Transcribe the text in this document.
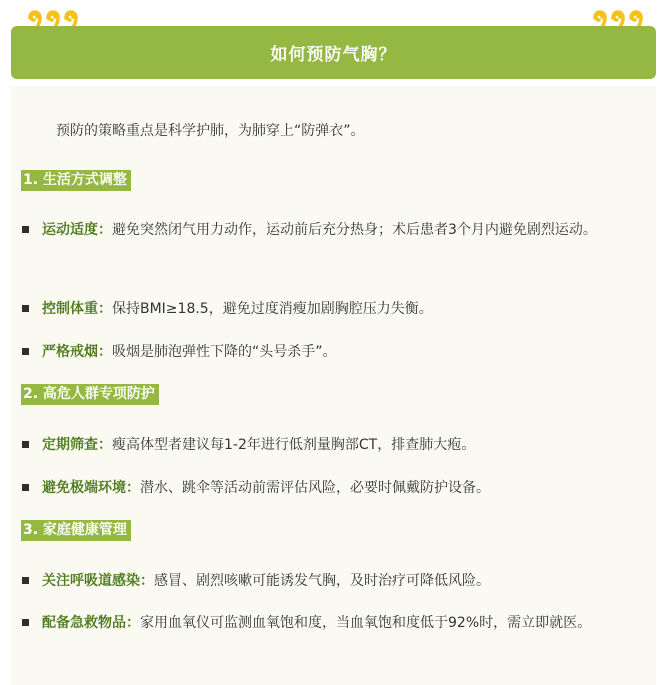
如何预防气胸？
预防的策略重点是科学护肺，为肺穿上“防弹衣”。
1. 生活方式调整
运动适度：避免突然闭气用力动作，运动前后充分热身；术后患者3个月内避免剧烈运动。
控制体重：保持BMI≥18.5，避免过度消瘦加剧胸腔压力失衡。
严格戒烟：吸烟是肺泡弹性下降的“头号杀手”。
2. 高危人群专项防护
定期筛查：瘦高体型者建议每1-2年进行低剂量胸部CT，排查肺大疱。
避免极端环境：潜水、跳伞等活动前需评估风险，必要时佩戴防护设备。
3. 家庭健康管理
关注呼吸道感染：感冒、剧烈咳嗽可能诱发气胸，及时治疗可降低风险。
配备急救物品：家用血氧仪可监测血氧饱和度，当血氧饱和度低于92%时，需立即就医。
